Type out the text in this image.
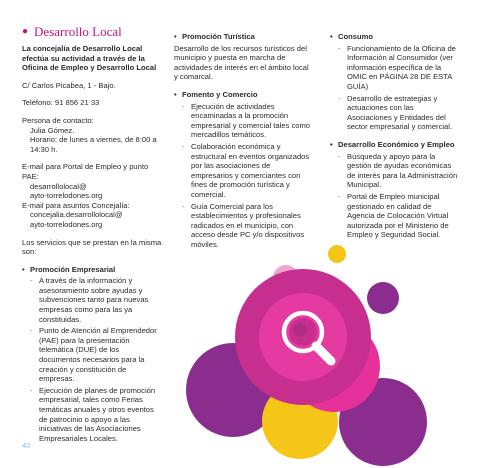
● Desarrollo Local

La concejalía de Desarrollo Local efectúa su actividad a través de la Oficina de Empleo y Desarrollo Local

C/ Carlos Picabea, 1 - Bajo.

Teléfono: 91 856 21 33

Persona de contacto:
Julia Gómez.

Horario: de lunes a viernes, de 8:00 a 14:30 h.

E-mail para Portal de Empleo y punto PAE:
desarrollolocal@
ayto-torrelodones.org
E-mail para asuntos Concejalía:
concejalia.desarrollolocal@

ayto-torrelodones.org

Los servicios que se prestan en la misma son:

• Promoción Empresarial
- A través de la información y asesoramiento sobre ayudas y subvenciones tanto para nuevas empresas como para las ya constituidas.
- Punto de Atención al Emprendedor (PAE) para la presentación telemática (DUE) de los documentos necesarios para la creación y constitución de empresas.
- Ejecución de planes de promoción empresarial, tales como Ferias temáticas anuales y otros eventos de patrocinio o apoyo a las iniciativas de las Asociaciones Empresariales Locales.
• Promoción Turística

Desarrollo de los recursos turísticos del municipio y puesta en marcha de actividades de interés en el ámbito local y comarcal.

• Fomento y Comercio
- Ejecución de actividades encaminadas a la promoción empresarial y comercial tales como mercadillos temáticos.
- Colaboración económica y estructural en eventos organizados por las asociaciones de empresarios y comerciantes con fines de promoción turística y comercial.
- Guía Comercial para los establecimientos y profesionales radicados en el municipio, con acceso desde PC y/o dispositivos móviles.
• Consumo
- Funcionamiento de la Oficina de Información al Consumidor (ver información específica de la OMIC en PÁGINA 28 DE ESTA GUÍA)
- Desarrollo de estrategias y actuaciones con las Asociaciones y Entidades del sector empresarial y comercial.
• Desarrollo Económico y Empleo
- Búsqueda y apoyo para la gestión de ayudas económicas de interés para la Administración Municipal.
- Portal de Empleo municipal gestionado en calidad de Agencia de Colocación Virtual autorizada por el Ministerio de Empleo y Seguridad Social.
40
